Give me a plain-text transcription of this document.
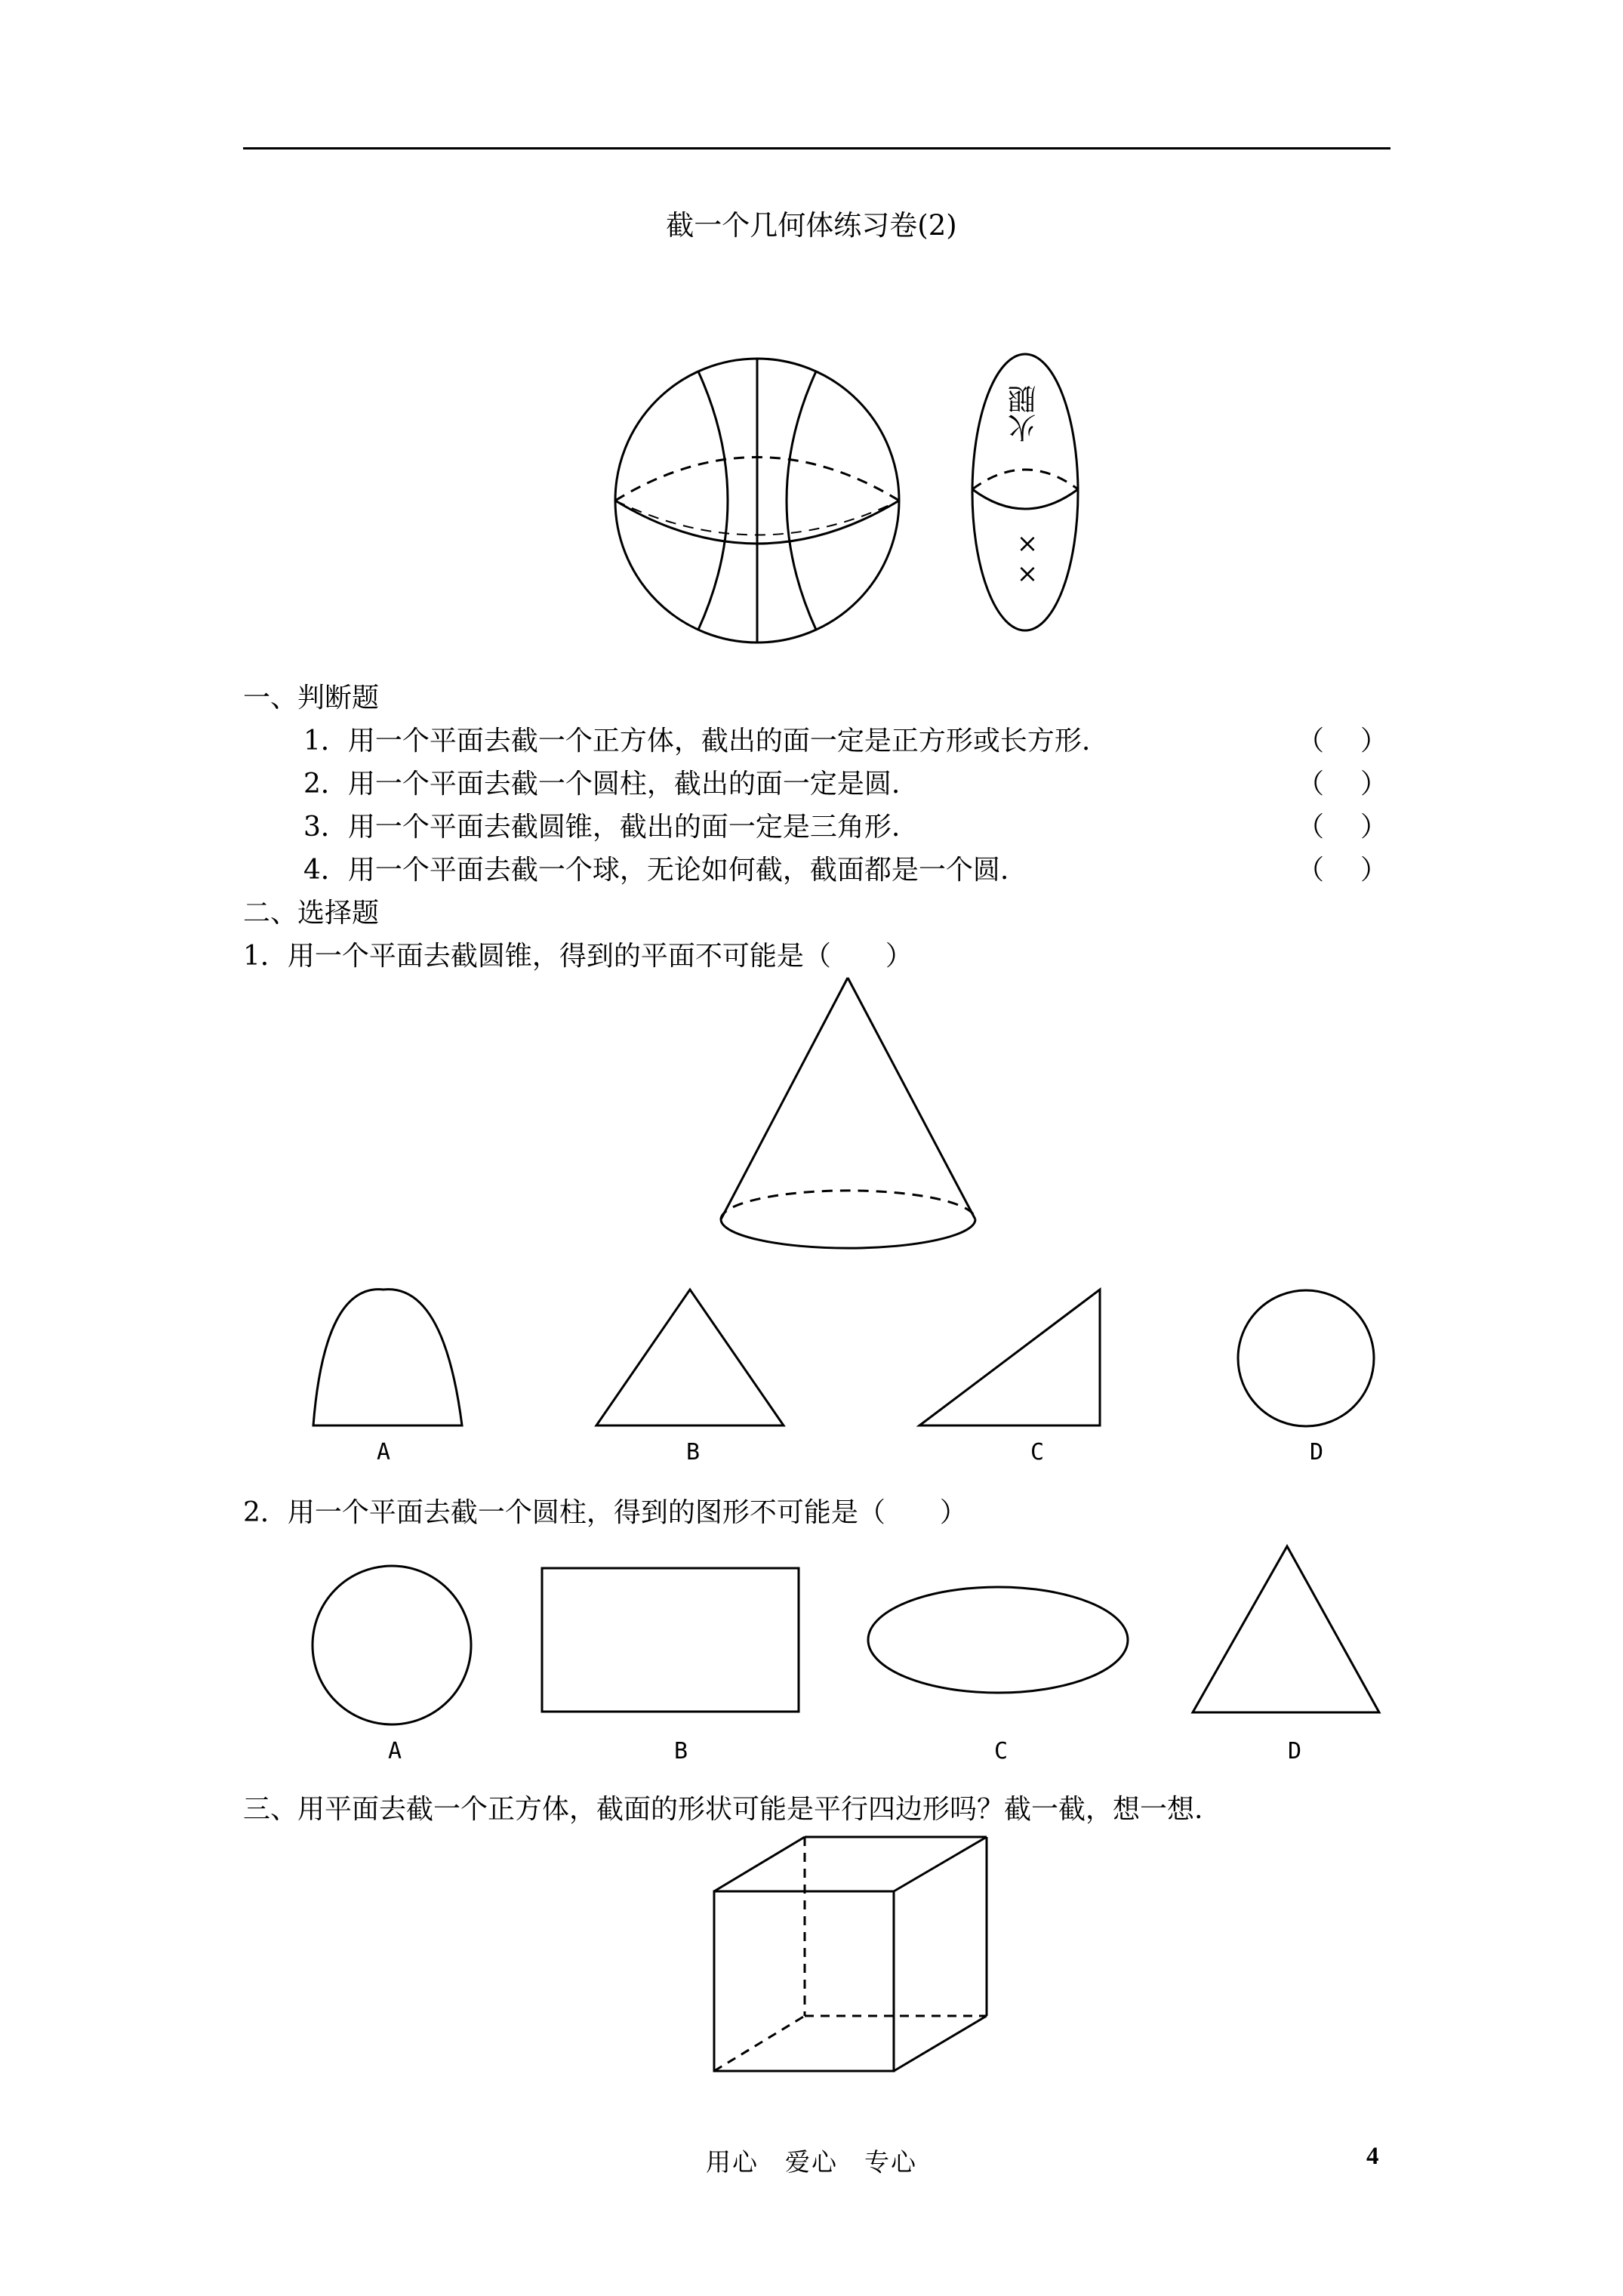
截一个几何体练习卷(2)
火腿
××
一、判断题
1．用一个平面去截一个正方体，截出的面一定是正方形或长方形.	（ ）
2．用一个平面去截一个圆柱，截出的面一定是圆.	（ ）
3．用一个平面去截圆锥，截出的面一定是三角形.	（ ）
4．用一个平面去截一个球，无论如何截，截面都是一个圆.	（ ）
二、选择题
1．用一个平面去截圆锥，得到的平面不可能是（　　）
A	B	C	D
2．用一个平面去截一个圆柱，得到的图形不可能是（　　）
A	B	C	D
三、用平面去截一个正方体，截面的形状可能是平行四边形吗？截一截，想一想.
用心　爱心　专心	4
